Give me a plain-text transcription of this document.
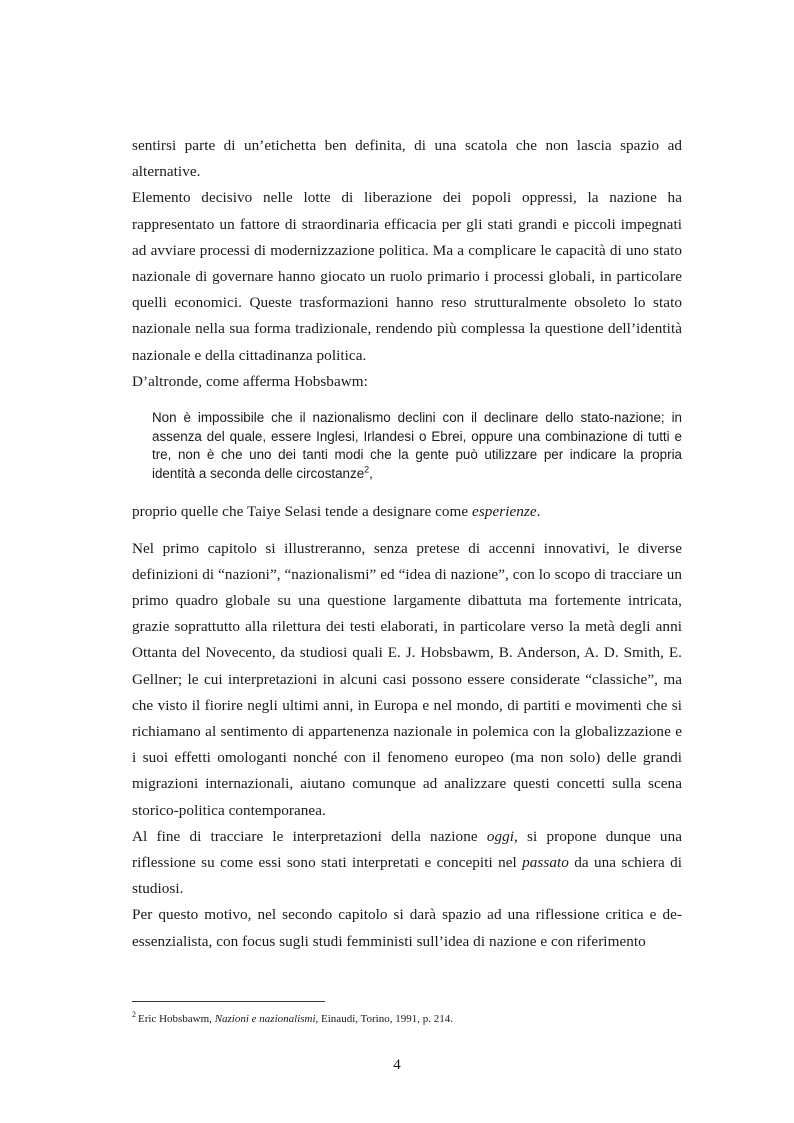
sentirsi parte di un’etichetta ben definita, di una scatola che non lascia spazio ad alternative.

Elemento decisivo nelle lotte di liberazione dei popoli oppressi, la nazione ha rappresentato un fattore di straordinaria efficacia per gli stati grandi e piccoli impegnati ad avviare processi di modernizzazione politica. Ma a complicare le capacità di uno stato nazionale di governare hanno giocato un ruolo primario i processi globali, in particolare quelli economici. Queste trasformazioni hanno reso strutturalmente obsoleto lo stato nazionale nella sua forma tradizionale, rendendo più complessa la questione dell’identità nazionale e della cittadinanza politica.

D’altronde, come afferma Hobsbawm:

Non è impossibile che il nazionalismo declini con il declinare dello stato-nazione; in assenza del quale, essere Inglesi, Irlandesi o Ebrei, oppure una combinazione di tutti e tre, non è che uno dei tanti modi che la gente può utilizzare per indicare la propria identità a seconda delle circostanze$^2$,

proprio quelle che Taiye Selasi tende a designare come esperienze.

Nel primo capitolo si illustreranno, senza pretese di accenni innovativi, le diverse definizioni di “nazioni”, “nazionalismi” ed “idea di nazione”, con lo scopo di tracciare un primo quadro globale su una questione largamente dibattuta ma fortemente intricata, grazie soprattutto alla rilettura dei testi elaborati, in particolare verso la metà degli anni Ottanta del Novecento, da studiosi quali E. J. Hobsbawm, B. Anderson, A. D. Smith, E. Gellner; le cui interpretazioni in alcuni casi possono essere considerate “classiche”, ma che visto il fiorire negli ultimi anni, in Europa e nel mondo, di partiti e movimenti che si richiamano al sentimento di appartenenza nazionale in polemica con la globalizzazione e i suoi effetti omologanti nonché con il fenomeno europeo (ma non solo) delle grandi migrazioni internazionali, aiutano comunque ad analizzare questi concetti sulla scena storico-politica contemporanea.

Al fine di tracciare le interpretazioni della nazione oggi, si propone dunque una riflessione su come essi sono stati interpretati e concepiti nel passato da una schiera di studiosi.

Per questo motivo, nel secondo capitolo si darà spazio ad una riflessione critica e de-essenzialista, con focus sugli studi femministi sull’idea di nazione e con riferimento

$^2$ Eric Hobsbawm, Nazioni e nazionalismi, Einaudi, Torino, 1991, p. 214.
4
